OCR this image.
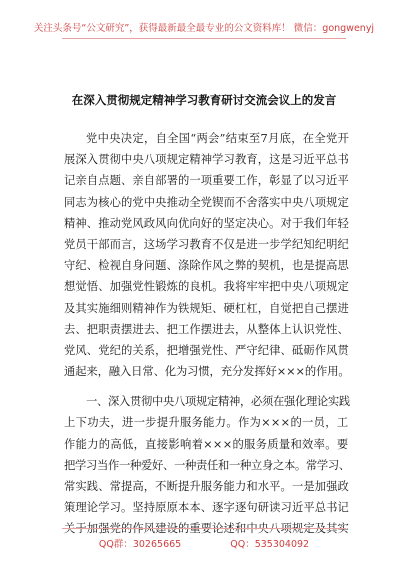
关注头条号“公文研究”，获得最新最全最专业的公文资料库！ 微信：gongwenyj
在深入贯彻规定精神学习教育研讨交流会议上的发言
党中央决定，自全国“两会”结束至7月底，在全党开
展深入贯彻中央八项规定精神学习教育，这是习近平总书
记亲自点题、亲自部署的一项重要工作，彰显了以习近平
同志为核心的党中央推动全党锲而不舍落实中央八项规定
精神、推动党风政风向优向好的坚定决心。对于我们年轻
党员干部而言，这场学习教育不仅是进一步学纪知纪明纪
守纪、检视自身问题、涤除作风之弊的契机，也是提高思
想觉悟、加强党性锻炼的良机。我将牢牢把中央八项规定
及其实施细则精神作为铁规矩、硬杠杠，自觉把自己摆进
去、把职责摆进去、把工作摆进去，从整体上认识党性、
党风、党纪的关系，把增强党性、严守纪律、砥砺作风贯
通起来，融入日常、化为习惯，充分发挥好×××的作用。
一、深入贯彻中央八项规定精神，必须在强化理论实践
上下功夫，进一步提升服务能力。作为×××的一员，工
作能力的高低，直接影响着×××的服务质量和效率。要
把学习当作一种爱好、一种责任和一种立身之本。常学习、
常实践、常提高，不断提升服务能力和水平。一是加强政
策理论学习。坚持原原本本、逐字逐句研读习近平总书记
关于加强党的作风建设的重要论述和中央八项规定及其实
QQ群：30265665	QQ：535304092
